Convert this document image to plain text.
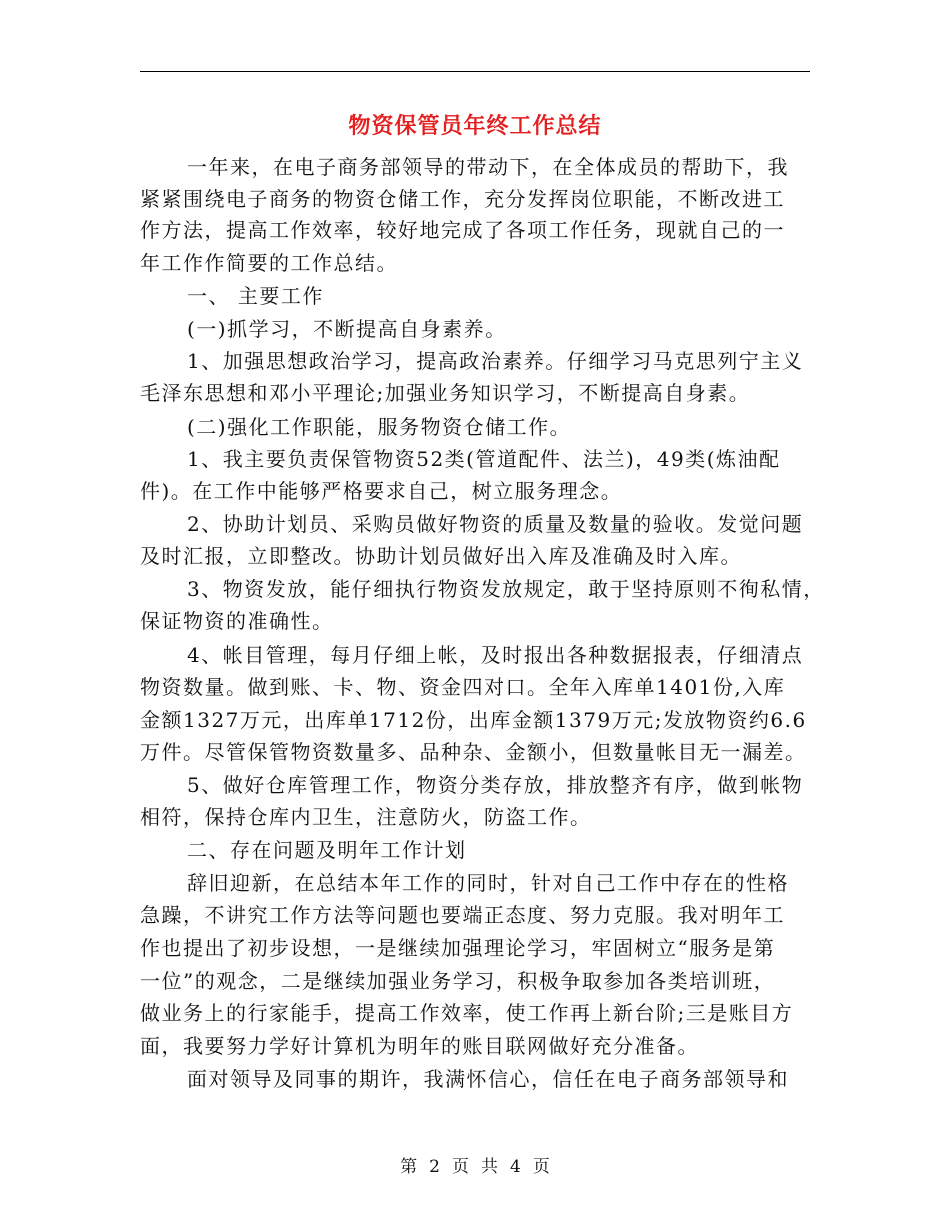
物资保管员年终工作总结
一年来，在电子商务部领导的带动下，在全体成员的帮助下，我
紧紧围绕电子商务的物资仓储工作，充分发挥岗位职能，不断改进工
作方法，提高工作效率，较好地完成了各项工作任务，现就自己的一
年工作作简要的工作总结。
一、 主要工作
(一)抓学习，不断提高自身素养。
1、加强思想政治学习，提高政治素养。仔细学习马克思列宁主义
毛泽东思想和邓小平理论;加强业务知识学习，不断提高自身素。
(二)强化工作职能，服务物资仓储工作。
1、我主要负责保管物资52类(管道配件、法兰)，49类(炼油配
件)。在工作中能够严格要求自己，树立服务理念。
2、协助计划员、采购员做好物资的质量及数量的验收。发觉问题
及时汇报，立即整改。协助计划员做好出入库及准确及时入库。
3、物资发放，能仔细执行物资发放规定，敢于坚持原则不徇私情，
保证物资的准确性。
4、帐目管理，每月仔细上帐，及时报出各种数据报表，仔细清点
物资数量。做到账、卡、物、资金四对口。全年入库单1401份,入库
金额1327万元，出库单1712份，出库金额1379万元;发放物资约6.6
万件。尽管保管物资数量多、品种杂、金额小，但数量帐目无一漏差。
5、做好仓库管理工作，物资分类存放，排放整齐有序，做到帐物
相符，保持仓库内卫生，注意防火，防盗工作。
二、存在问题及明年工作计划
辞旧迎新，在总结本年工作的同时，针对自己工作中存在的性格
急躁，不讲究工作方法等问题也要端正态度、努力克服。我对明年工
作也提出了初步设想，一是继续加强理论学习，牢固树立“服务是第
一位”的观念，二是继续加强业务学习，积极争取参加各类培训班，
做业务上的行家能手，提高工作效率，使工作再上新台阶;三是账目方
面，我要努力学好计算机为明年的账目联网做好充分准备。
面对领导及同事的期许，我满怀信心，信任在电子商务部领导和
第 2 页 共 4 页
